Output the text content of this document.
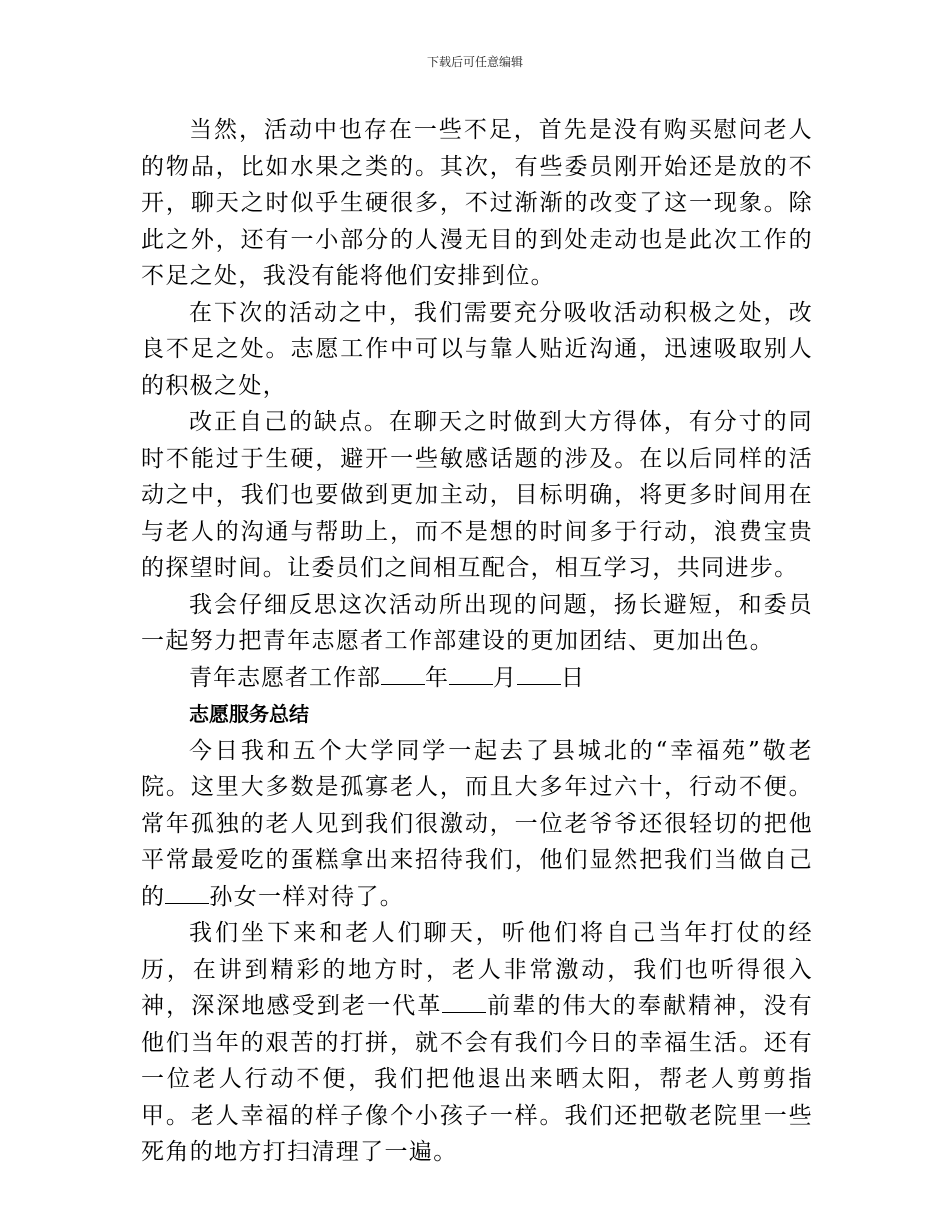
下载后可任意编辑

当然，活动中也存在一些不足，首先是没有购买慰问老人的物品，比如水果之类的。其次，有些委员刚开始还是放的不开，聊天之时似乎生硬很多，不过渐渐的改变了这一现象。除此之外，还有一小部分的人漫无目的到处走动也是此次工作的不足之处，我没有能将他们安排到位。

在下次的活动之中，我们需要充分吸收活动积极之处，改良不足之处。志愿工作中可以与靠人贴近沟通，迅速吸取别人的积极之处，

改正自己的缺点。在聊天之时做到大方得体，有分寸的同时不能过于生硬，避开一些敏感话题的涉及。在以后同样的活动之中，我们也要做到更加主动，目标明确，将更多时间用在与老人的沟通与帮助上，而不是想的时间多于行动，浪费宝贵的探望时间。让委员们之间相互配合，相互学习，共同进步。

我会仔细反思这次活动所出现的问题，扬长避短，和委员一起努力把青年志愿者工作部建设的更加团结、更加出色。

青年志愿者工作部 年 月 日

志愿服务总结

今日我和五个大学同学一起去了县城北的“幸福苑”敬老院。这里大多数是孤寡老人，而且大多年过六十，行动不便。常年孤独的老人见到我们很激动，一位老爷爷还很轻切的把他平常最爱吃的蛋糕拿出来招待我们，他们显然把我们当做自己的 孙女一样对待了。

我们坐下来和老人们聊天，听他们将自己当年打仗的经历，在讲到精彩的地方时，老人非常激动，我们也听得很入神，深深地感受到老一代革 前辈的伟大的奉献精神，没有他们当年的艰苦的打拼，就不会有我们今日的幸福生活。还有一位老人行动不便，我们把他退出来晒太阳，帮老人剪剪指甲。老人幸福的样子像个小孩子一样。我们还把敬老院里一些死角的地方打扫清理了一遍。
